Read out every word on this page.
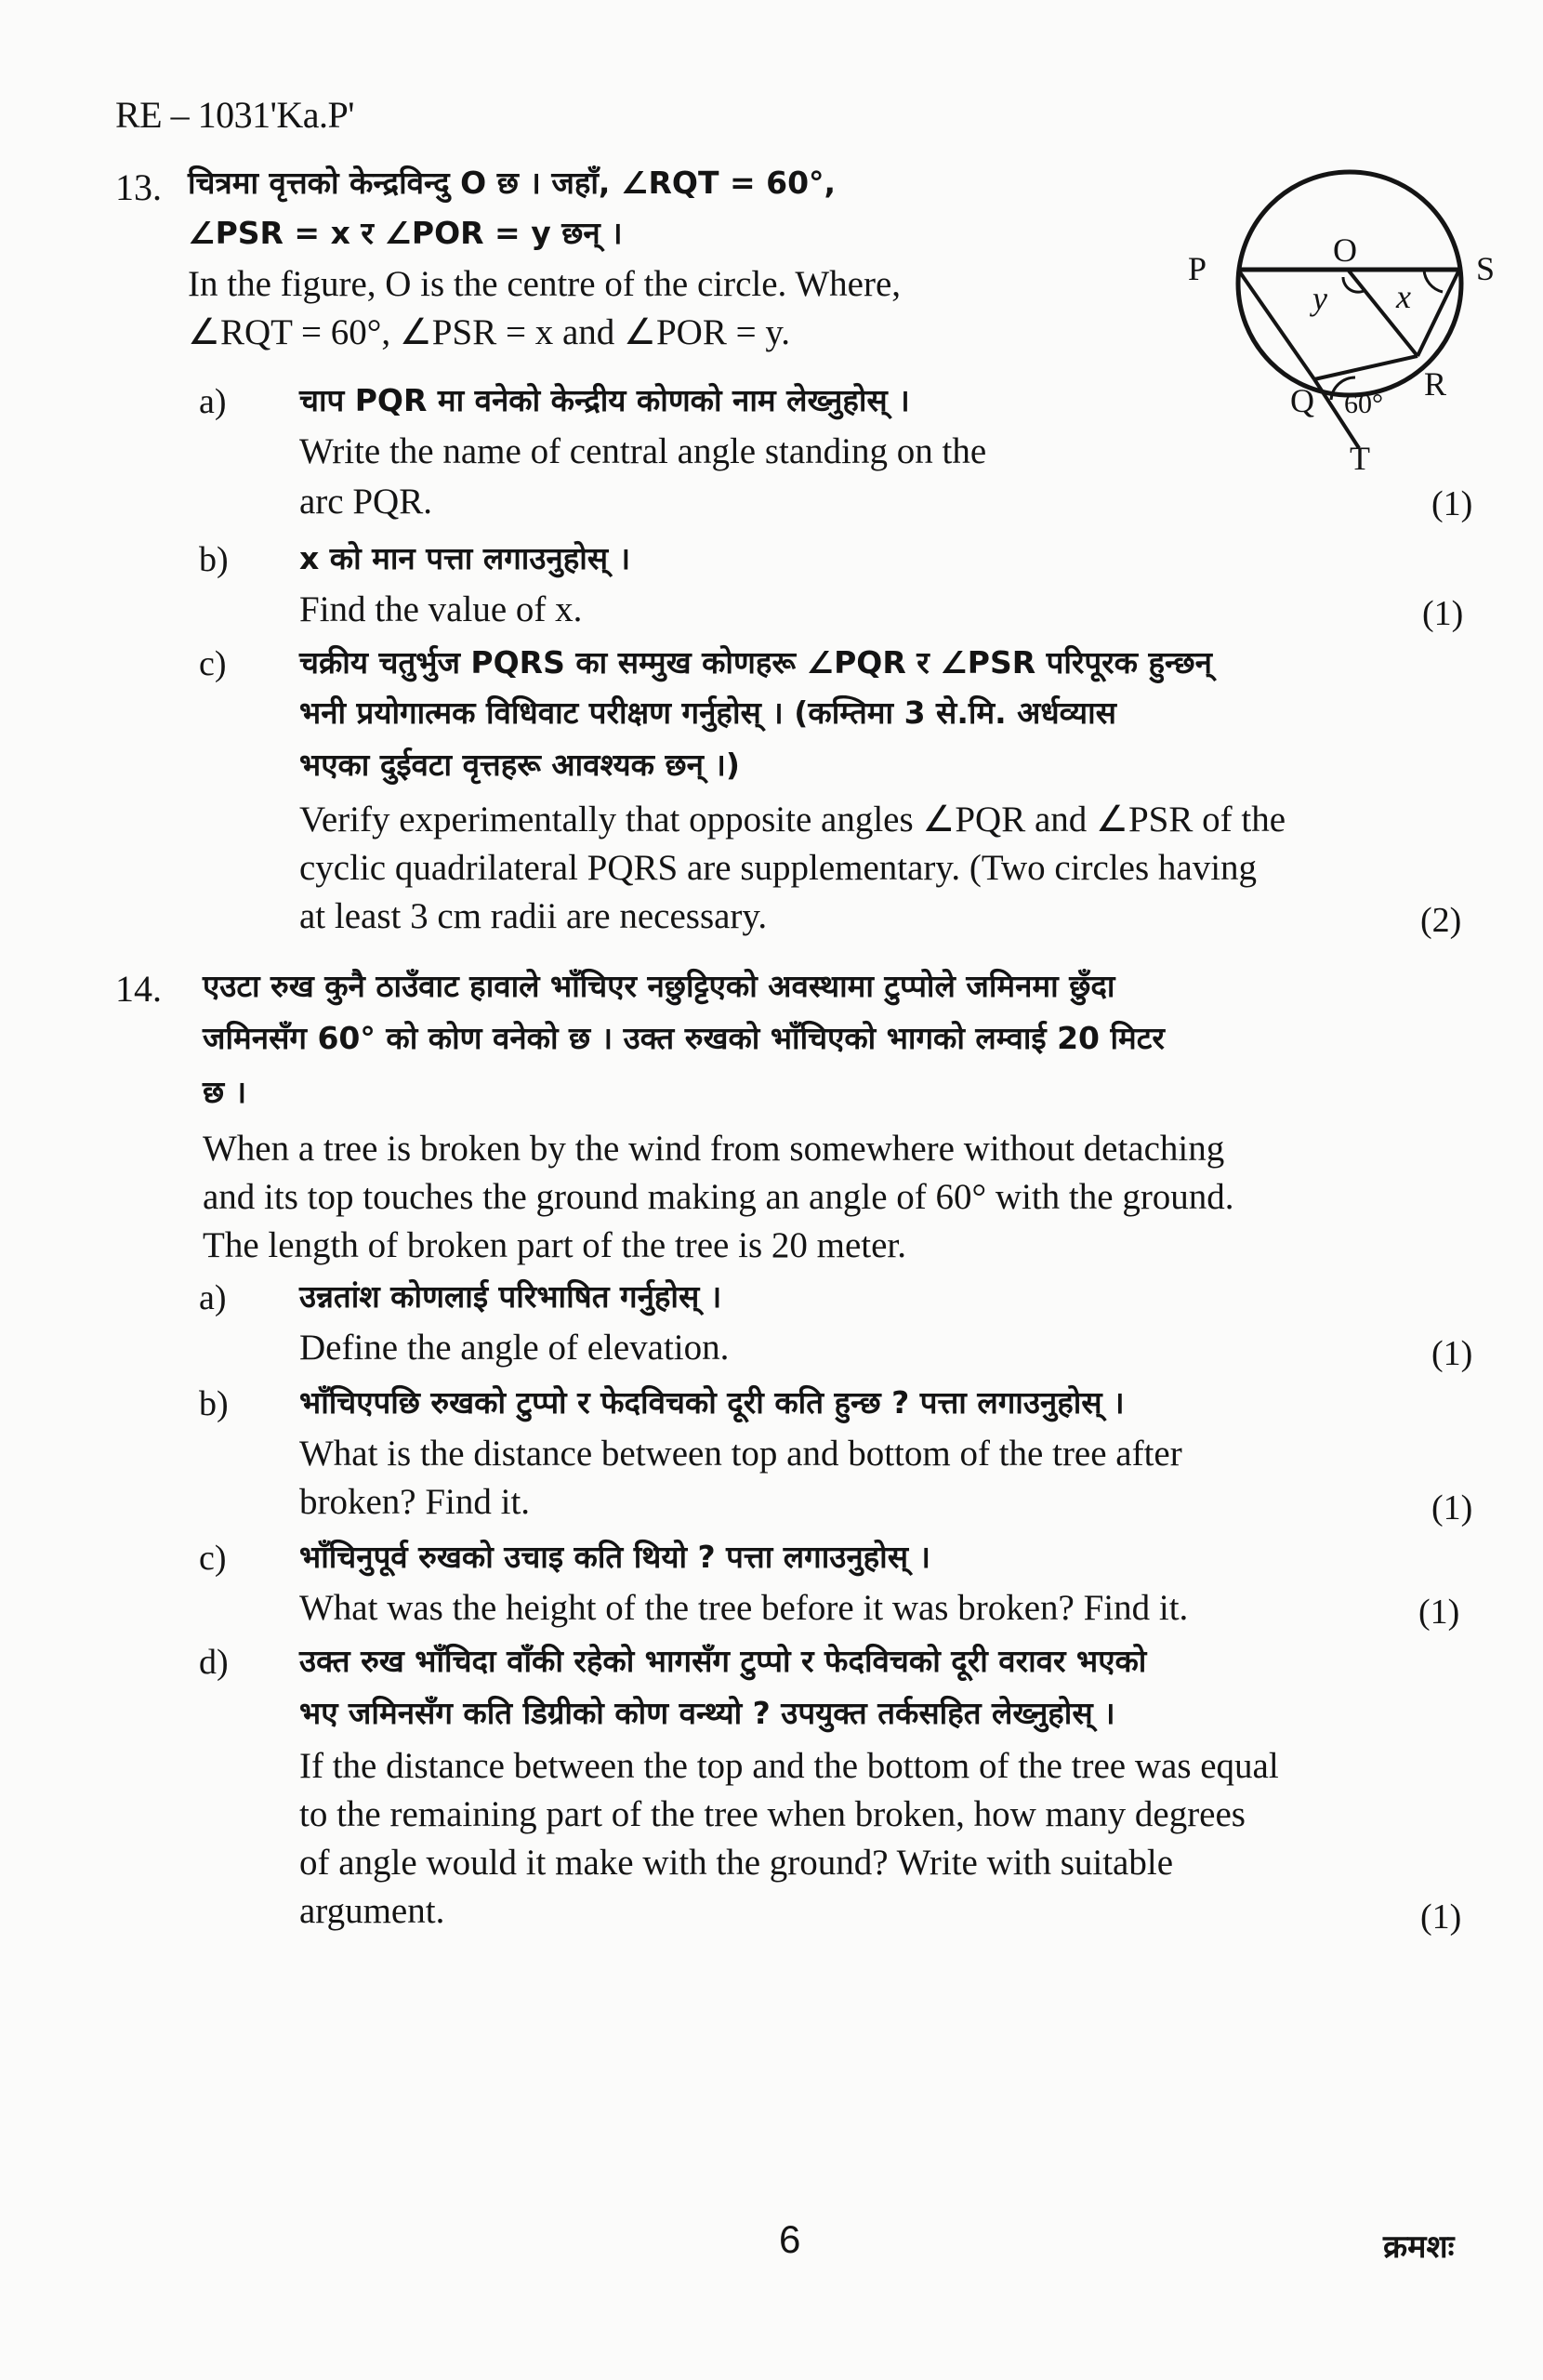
RE – 1031'Ka.P'
13. चित्रमा वृत्तको केन्द्रविन्दु O छ । जहाँ, ∠RQT = 60°,
∠PSR = x र ∠POR = y छन् ।
In the figure, O is the centre of the circle. Where,
∠RQT = 60°, ∠PSR = x and ∠POR = y.
P	O	S
y x
R
Q 60°
T
a) चाप PQR मा वनेको केन्द्रीय कोणको नाम लेख्नुहोस् ।
Write the name of central angle standing on the
arc PQR.	(1)
b) x को मान पत्ता लगाउनुहोस् ।
Find the value of x.	(1)
c) चक्रीय चतुर्भुज PQRS का सम्मुख कोणहरू ∠PQR र ∠PSR परिपूरक हुन्छन्
भनी प्रयोगात्मक विधिवाट परीक्षण गर्नुहोस् । (कम्तिमा 3 से.मि. अर्धव्यास
भएका दुईवटा वृत्तहरू आवश्यक छन् ।)
Verify experimentally that opposite angles ∠PQR and ∠PSR of the
cyclic quadrilateral PQRS are supplementary. (Two circles having
at least 3 cm radii are necessary.	(2)
14. एउटा रुख कुनै ठाउँवाट हावाले भाँचिएर नछुट्टिएको अवस्थामा टुप्पोले जमिनमा छुँदा
जमिनसँग 60° को कोण वनेको छ । उक्त रुखको भाँचिएको भागको लम्वाई 20 मिटर
छ ।
When a tree is broken by the wind from somewhere without detaching
and its top touches the ground making an angle of 60° with the ground.
The length of broken part of the tree is 20 meter.
a) उन्नतांश कोणलाई परिभाषित गर्नुहोस् ।
Define the angle of elevation.	(1)
b) भाँचिएपछि रुखको टुप्पो र फेदविचको दूरी कति हुन्छ ? पत्ता लगाउनुहोस् ।
What is the distance between top and bottom of the tree after
broken? Find it.	(1)
c) भाँचिनुपूर्व रुखको उचाइ कति थियो ? पत्ता लगाउनुहोस् ।
What was the height of the tree before it was broken? Find it.	(1)
d) उक्त रुख भाँचिदा वाँकी रहेको भागसँग टुप्पो र फेदविचको दूरी वरावर भएको
भए जमिनसँग कति डिग्रीको कोण वन्थ्यो ? उपयुक्त तर्कसहित लेख्नुहोस् ।
If the distance between the top and the bottom of the tree was equal
to the remaining part of the tree when broken, how many degrees
of angle would it make with the ground? Write with suitable
argument.	(1)
6	क्रमशः
